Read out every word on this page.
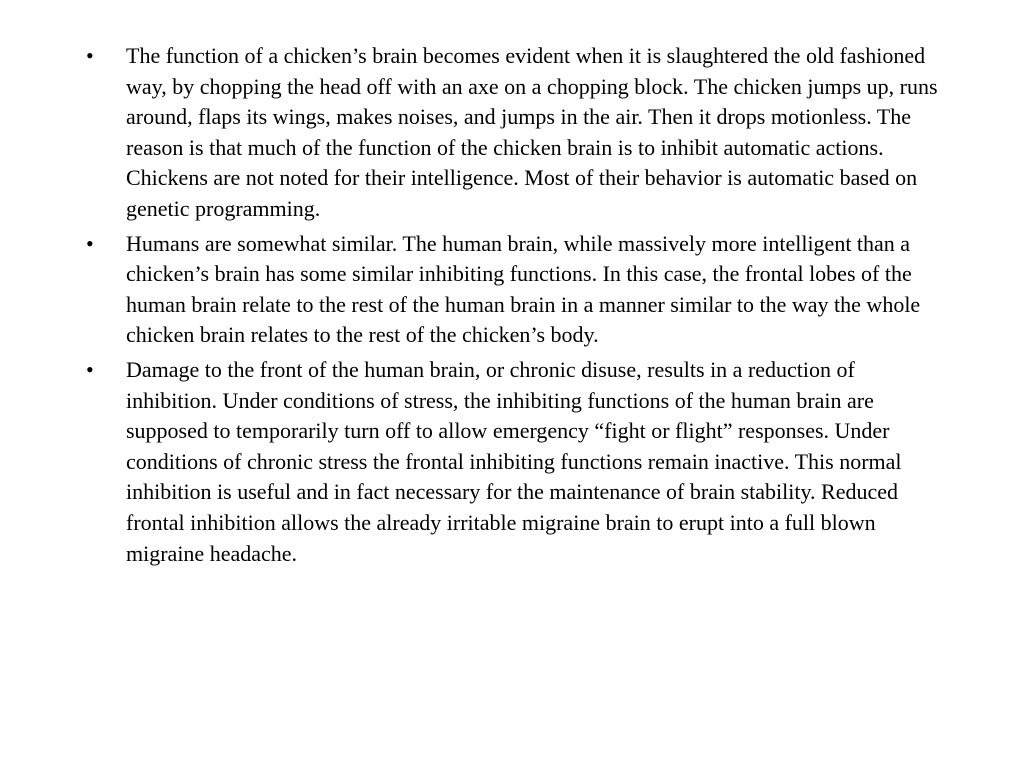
•	The function of a chicken’s brain becomes evident when it is slaughtered the old fashioned way, by chopping the head off with an axe on a chopping block. The chicken jumps up, runs around, flaps its wings, makes noises, and jumps in the air. Then it drops motionless. The reason is that much of the function of the chicken brain is to inhibit automatic actions. Chickens are not noted for their intelligence. Most of their behavior is automatic based on genetic programming.
•	Humans are somewhat similar. The human brain, while massively more intelligent than a chicken’s brain has some similar inhibiting functions. In this case, the frontal lobes of the human brain relate to the rest of the human brain in a manner similar to the way the whole chicken brain relates to the rest of the chicken’s body.
•	Damage to the front of the human brain, or chronic disuse, results in a reduction of inhibition. Under conditions of stress, the inhibiting functions of the human brain are supposed to temporarily turn off to allow emergency “fight or flight” responses. Under conditions of chronic stress the frontal inhibiting functions remain inactive. This normal inhibition is useful and in fact necessary for the maintenance of brain stability. Reduced frontal inhibition allows the already irritable migraine brain to erupt into a full blown migraine headache.
